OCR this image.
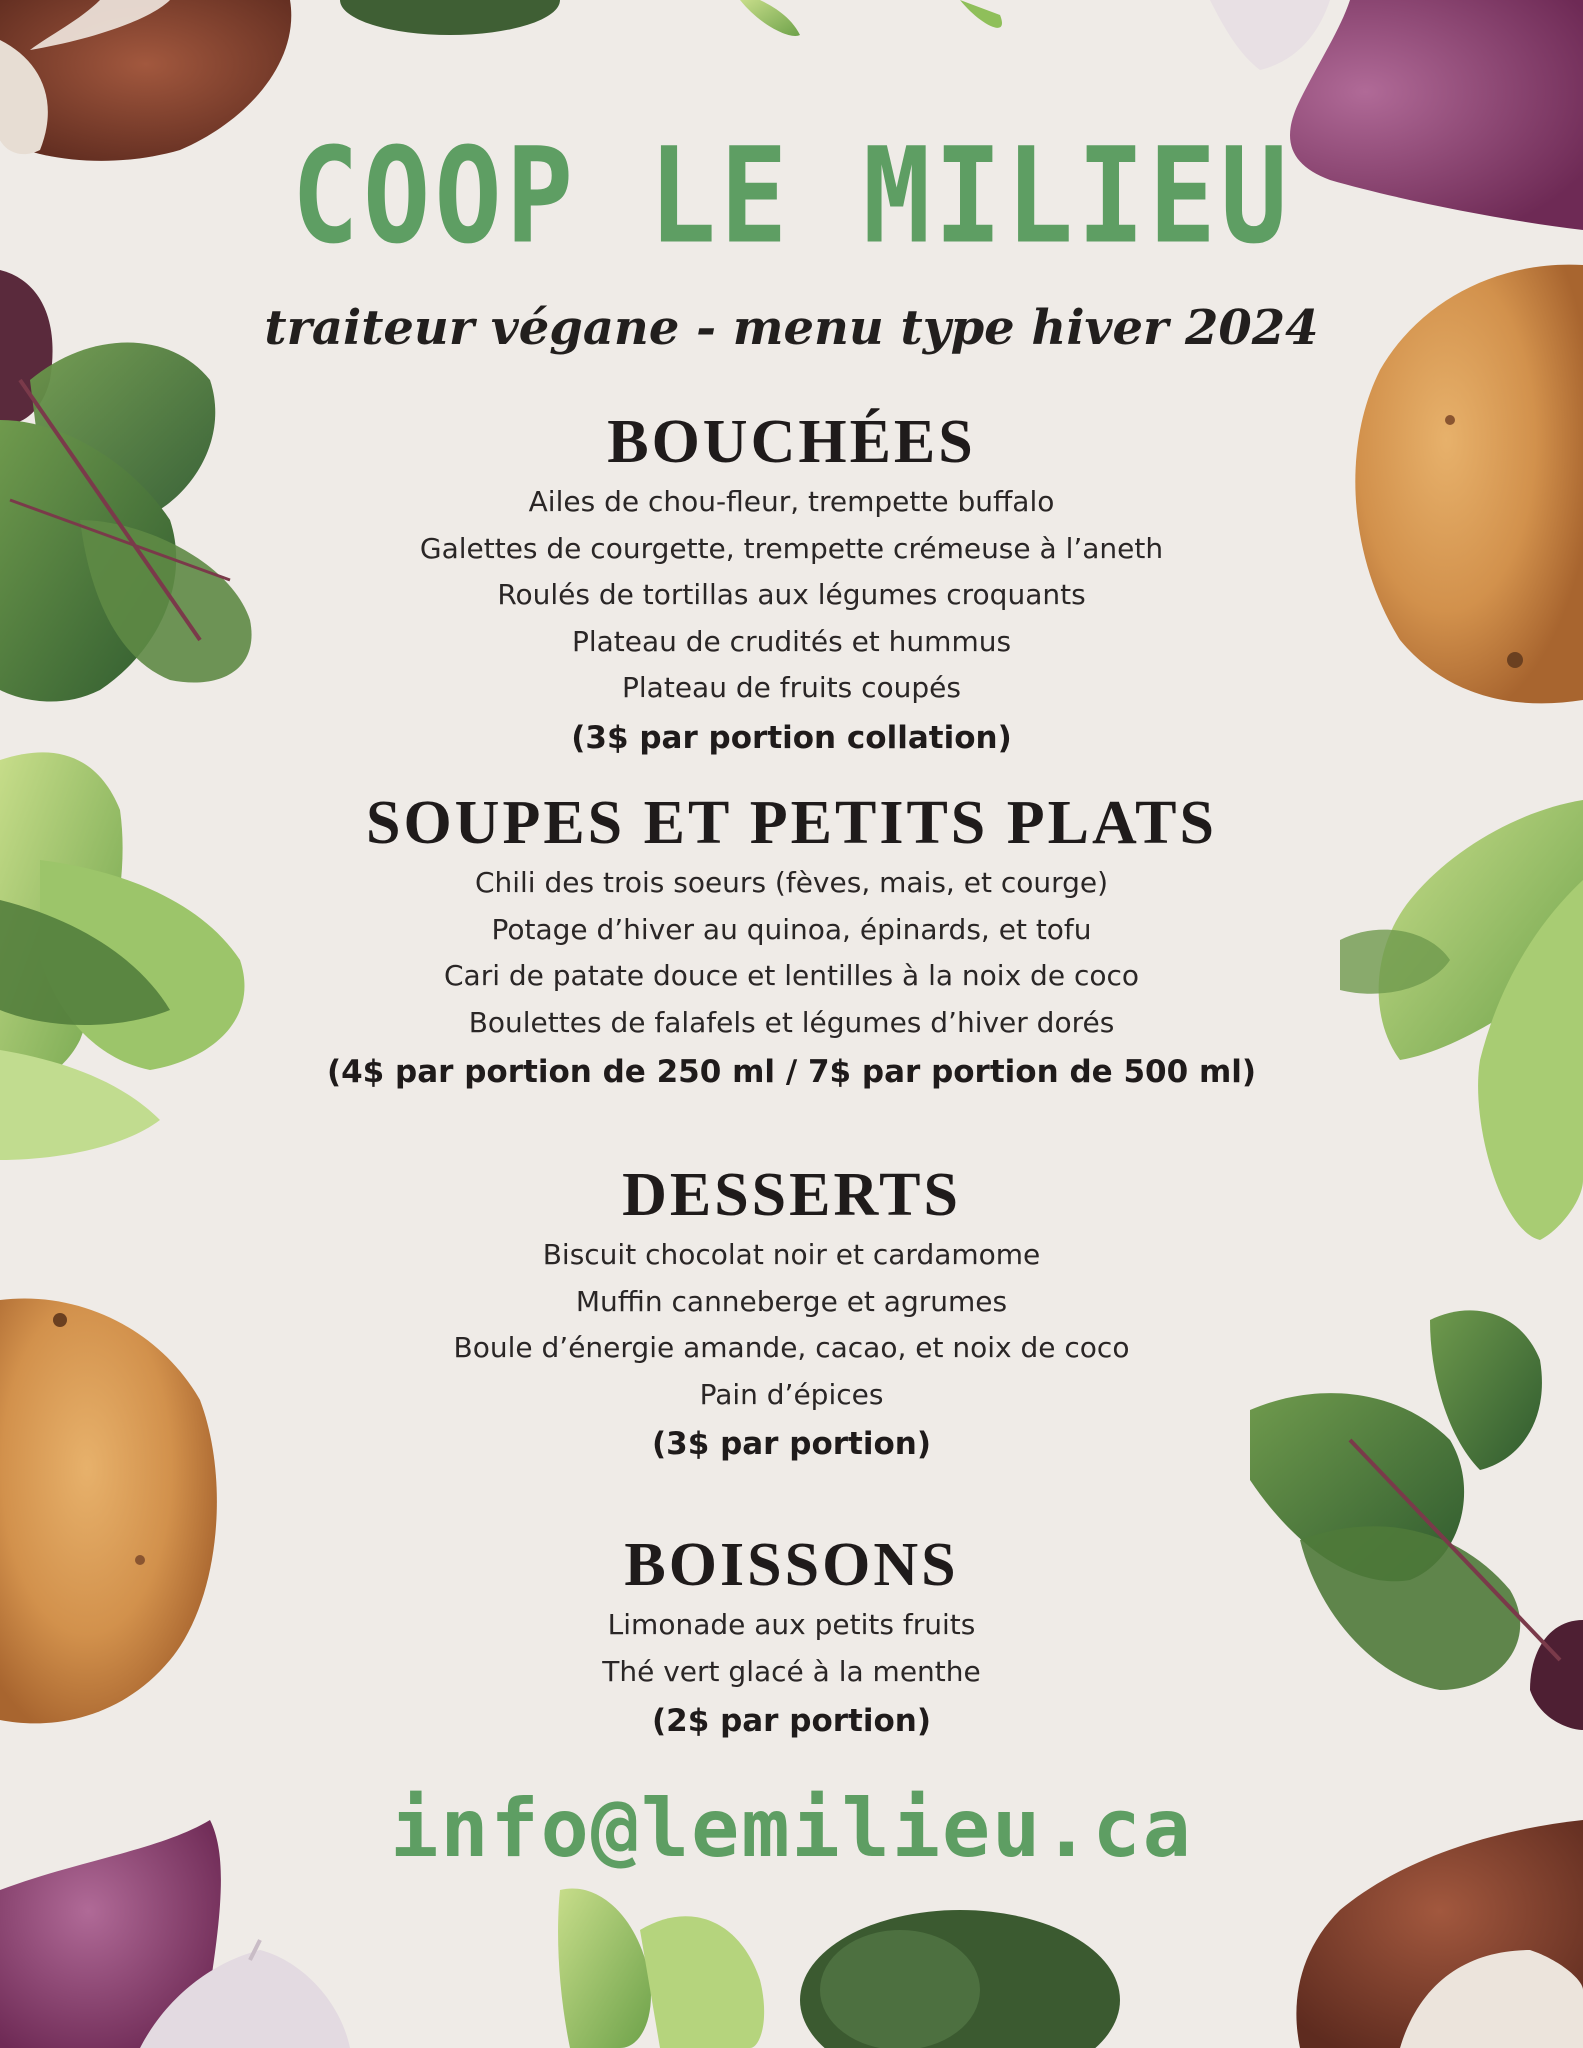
COOP LE MILIEU
traiteur végane - menu type hiver 2024
BOUCHÉES
Ailes de chou-fleur, trempette buffalo
Galettes de courgette, trempette crémeuse à l’aneth
Roulés de tortillas aux légumes croquants
Plateau de crudités et hummus
Plateau de fruits coupés
(3$ par portion collation)
SOUPES ET PETITS PLATS
Chili des trois soeurs (fèves, mais, et courge)
Potage d’hiver au quinoa, épinards, et tofu
Cari de patate douce et lentilles à la noix de coco
Boulettes de falafels et légumes d’hiver dorés
(4$ par portion de 250 ml / 7$ par portion de 500 ml)
DESSERTS
Biscuit chocolat noir et cardamome
Muffin canneberge et agrumes
Boule d’énergie amande, cacao, et noix de coco
Pain d’épices
(3$ par portion)
BOISSONS
Limonade aux petits fruits
Thé vert glacé à la menthe
(2$ par portion)
info@lemilieu.ca
